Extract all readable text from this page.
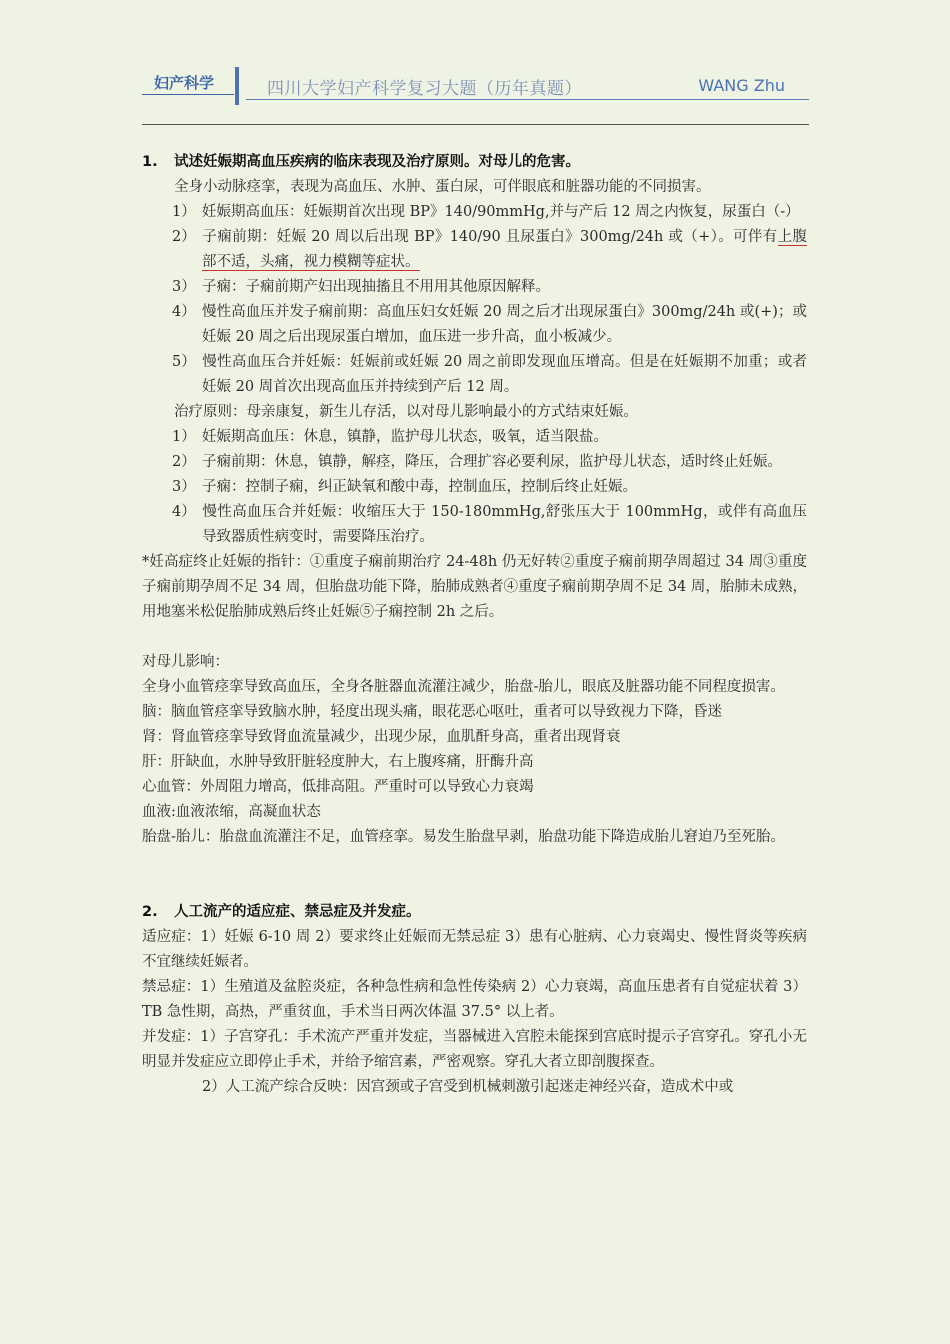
妇产科学	四川大学妇产科学复习大题（历年真题）	WANG Zhu

1. 试述妊娠期高血压疾病的临床表现及治疗原则。对母儿的危害。

全身小动脉痉挛，表现为高血压、水肿、蛋白尿，可伴眼底和脏器功能的不同损害。

1） 妊娠期高血压：妊娠期首次出现 BP》140/90mmHg,并与产后 12 周之内恢复，尿蛋白（-）

2） 子痫前期：妊娠 20 周以后出现 BP》140/90 且尿蛋白》300mg/24h 或（+）。可伴有上腹部不适，头痛，视力模糊等症状。

3） 子痫：子痫前期产妇出现抽搐且不用用其他原因解释。

4） 慢性高血压并发子痫前期：高血压妇女妊娠 20 周之后才出现尿蛋白》300mg/24h 或(+)；或妊娠 20 周之后出现尿蛋白增加，血压进一步升高，血小板减少。

5） 慢性高血压合并妊娠：妊娠前或妊娠 20 周之前即发现血压增高。但是在妊娠期不加重；或者妊娠 20 周首次出现高血压并持续到产后 12 周。

治疗原则：母亲康复，新生儿存活，以对母儿影响最小的方式结束妊娠。

1） 妊娠期高血压：休息，镇静，监护母儿状态，吸氧，适当限盐。

2） 子痫前期：休息，镇静，解痉，降压，合理扩容必要利尿，监护母儿状态，适时终止妊娠。

3） 子痫：控制子痫，纠正缺氧和酸中毒，控制血压，控制后终止妊娠。

4） 慢性高血压合并妊娠：收缩压大于 150-180mmHg,舒张压大于 100mmHg，或伴有高血压导致器质性病变时，需要降压治疗。

*妊高症终止妊娠的指针：①重度子痫前期治疗 24-48h 仍无好转②重度子痫前期孕周超过 34 周③重度子痫前期孕周不足 34 周，但胎盘功能下降，胎肺成熟者④重度子痫前期孕周不足 34 周，胎肺未成熟，用地塞米松促胎肺成熟后终止妊娠⑤子痫控制 2h 之后。

对母儿影响：

全身小血管痉挛导致高血压，全身各脏器血流灌注减少，胎盘-胎儿，眼底及脏器功能不同程度损害。

脑：脑血管痉挛导致脑水肿，轻度出现头痛，眼花恶心呕吐，重者可以导致视力下降，昏迷

肾：肾血管痉挛导致肾血流量减少，出现少尿，血肌酐身高，重者出现肾衰

肝：肝缺血，水肿导致肝脏轻度肿大，右上腹疼痛，肝酶升高

心血管：外周阻力增高，低排高阻。严重时可以导致心力衰竭

血液:血液浓缩，高凝血状态

胎盘-胎儿：胎盘血流灌注不足，血管痉挛。易发生胎盘早剥，胎盘功能下降造成胎儿窘迫乃至死胎。

2. 人工流产的适应症、禁忌症及并发症。

适应症：1）妊娠 6-10 周 2）要求终止妊娠而无禁忌症 3）患有心脏病、心力衰竭史、慢性肾炎等疾病不宜继续妊娠者。

禁忌症：1）生殖道及盆腔炎症，各种急性病和急性传染病 2）心力衰竭，高血压患者有自觉症状着 3）TB 急性期，高热，严重贫血，手术当日两次体温 37.5° 以上者。

并发症：1）子宫穿孔：手术流产严重并发症，当器械进入宫腔未能探到宫底时提示子宫穿孔。穿孔小无明显并发症应立即停止手术，并给予缩宫素，严密观察。穿孔大者立即剖腹探查。

2）人工流产综合反映：因宫颈或子宫受到机械刺激引起迷走神经兴奋，造成术中或
